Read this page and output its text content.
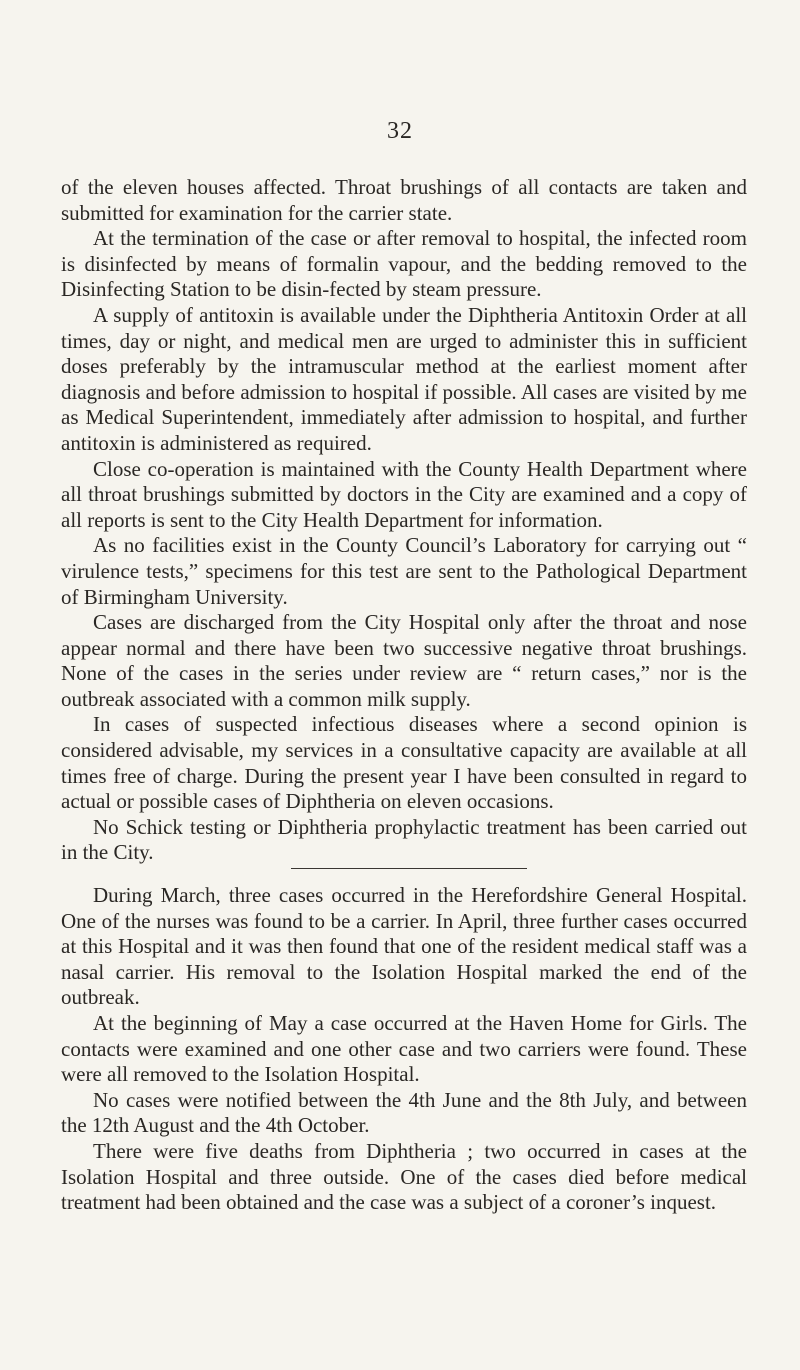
32

of the eleven houses affected. Throat brushings of all contacts are taken and submitted for examination for the carrier state.

At the termination of the case or after removal to hospital, the infected room is disinfected by means of formalin vapour, and the bedding removed to the Disinfecting Station to be disin-fected by steam pressure.

A supply of antitoxin is available under the Diphtheria Antitoxin Order at all times, day or night, and medical men are urged to administer this in sufficient doses preferably by the intramuscular method at the earliest moment after diagnosis and before admission to hospital if possible. All cases are visited by me as Medical Superintendent, immediately after admission to hospital, and further antitoxin is administered as required.

Close co-operation is maintained with the County Health Department where all throat brushings submitted by doctors in the City are examined and a copy of all reports is sent to the City Health Department for information.

As no facilities exist in the County Council’s Laboratory for carrying out “ virulence tests,” specimens for this test are sent to the Pathological Department of Birmingham University.

Cases are discharged from the City Hospital only after the throat and nose appear normal and there have been two successive negative throat brushings. None of the cases in the series under review are “ return cases,” nor is the outbreak associated with a common milk supply.

In cases of suspected infectious diseases where a second opinion is considered advisable, my services in a consultative capacity are available at all times free of charge. During the present year I have been consulted in regard to actual or possible cases of Diphtheria on eleven occasions.

No Schick testing or Diphtheria prophylactic treatment has been carried out in the City.

During March, three cases occurred in the Herefordshire General Hospital. One of the nurses was found to be a carrier. In April, three further cases occurred at this Hospital and it was then found that one of the resident medical staff was a nasal carrier. His removal to the Isolation Hospital marked the end of the outbreak.

At the beginning of May a case occurred at the Haven Home for Girls. The contacts were examined and one other case and two carriers were found. These were all removed to the Isolation Hospital.

No cases were notified between the 4th June and the 8th July, and between the 12th August and the 4th October.

There were five deaths from Diphtheria ; two occurred in cases at the Isolation Hospital and three outside. One of the cases died before medical treatment had been obtained and the case was a subject of a coroner’s inquest.
